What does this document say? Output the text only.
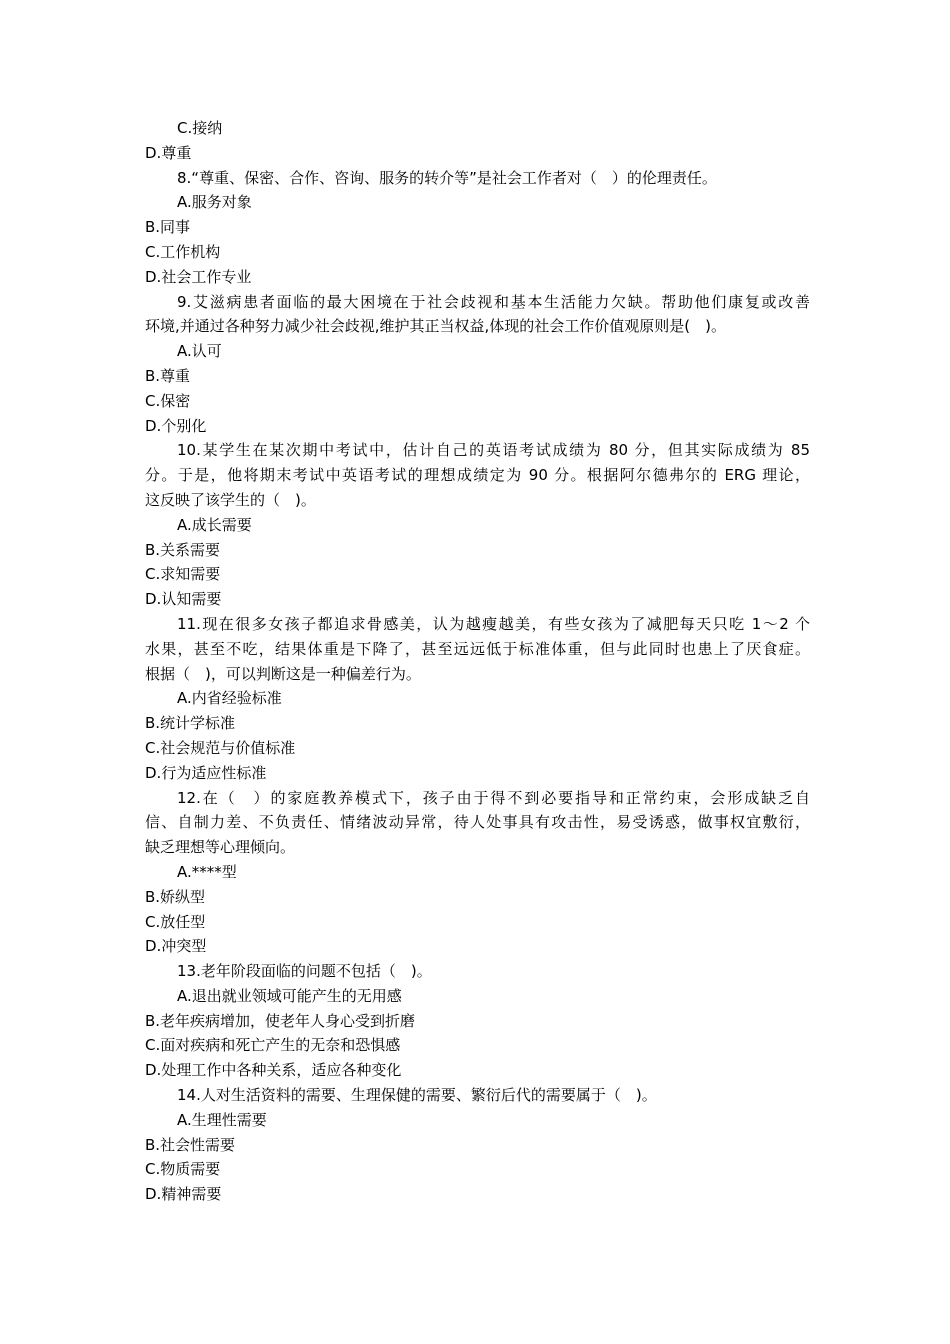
C.接纳
D.尊重
8.“尊重、保密、合作、咨询、服务的转介等”是社会工作者对（　）的伦理责任。
A.服务对象
B.同事
C.工作机构
D.社会工作专业
9.艾滋病患者面临的最大困境在于社会歧视和基本生活能力欠缺。帮助他们康复或改善
环境,并通过各种努力减少社会歧视,维护其正当权益,体现的社会工作价值观原则是(　)。
A.认可
B.尊重
C.保密
D.个别化
10.某学生在某次期中考试中，估计自己的英语考试成绩为 80 分，但其实际成绩为 85
分。于是，他将期末考试中英语考试的理想成绩定为 90 分。根据阿尔德弗尔的 ERG 理论，
这反映了该学生的（　)。
A.成长需要
B.关系需要
C.求知需要
D.认知需要
11.现在很多女孩子都追求骨感美，认为越瘦越美，有些女孩为了减肥每天只吃 1～2 个
水果，甚至不吃，结果体重是下降了，甚至远远低于标准体重，但与此同时也患上了厌食症。
根据（　)，可以判断这是一种偏差行为。
A.内省经验标准
B.统计学标准
C.社会规范与价值标准
D.行为适应性标准
12.在（　）的家庭教养模式下，孩子由于得不到必要指导和正常约束，会形成缺乏自
信、自制力差、不负责任、情绪波动异常，待人处事具有攻击性，易受诱惑，做事权宜敷衍，
缺乏理想等心理倾向。
A.****型
B.娇纵型
C.放任型
D.冲突型
13.老年阶段面临的问题不包括（　)。
A.退出就业领域可能产生的无用感
B.老年疾病增加，使老年人身心受到折磨
C.面对疾病和死亡产生的无奈和恐惧感
D.处理工作中各种关系，适应各种变化
14.人对生活资料的需要、生理保健的需要、繁衍后代的需要属于（　)。
A.生理性需要
B.社会性需要
C.物质需要
D.精神需要
